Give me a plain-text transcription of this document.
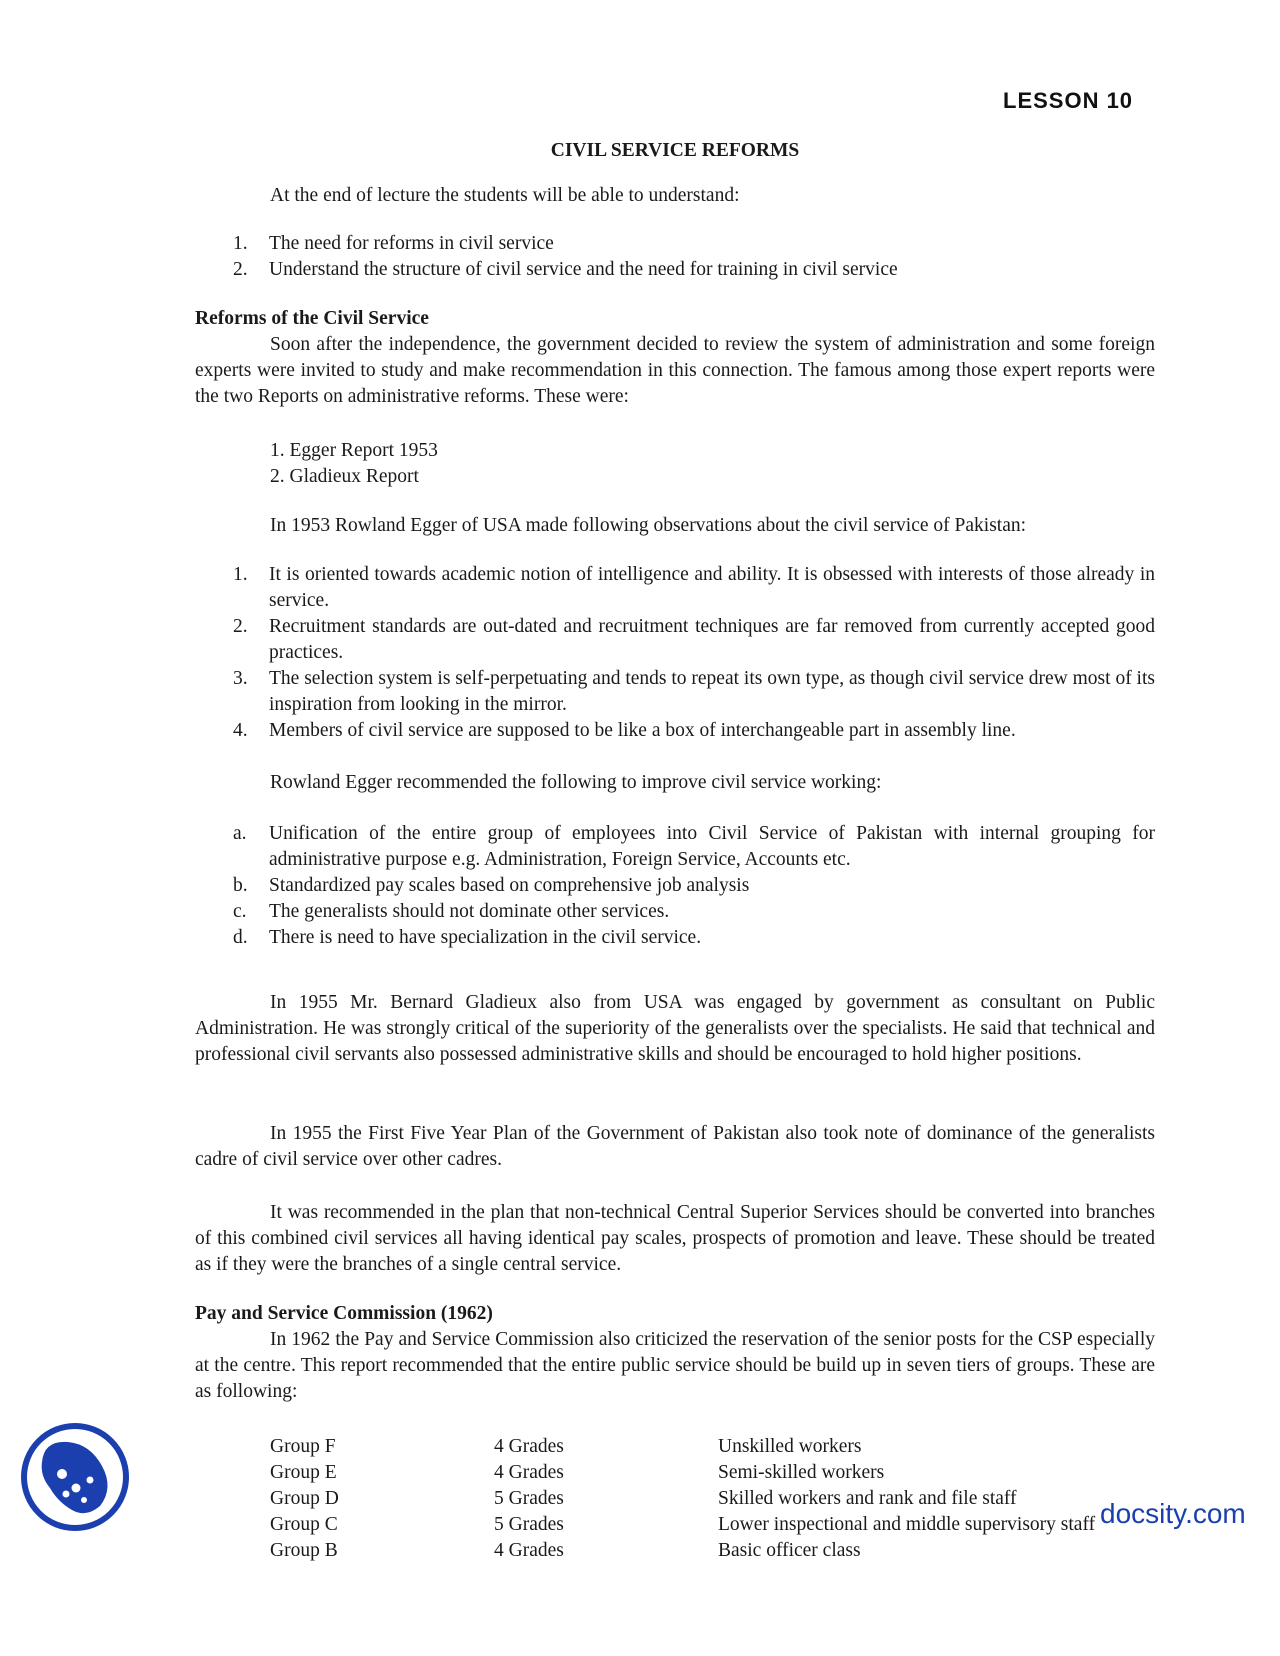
LESSON 10
CIVIL SERVICE REFORMS
At the end of lecture the students will be able to understand:
1. The need for reforms in civil service
2. Understand the structure of civil service and the need for training in civil service
Reforms of the Civil Service
Soon after the independence, the government decided to review the system of administration and some foreign experts were invited to study and make recommendation in this connection. The famous among those expert reports were the two Reports on administrative reforms. These were:
1. Egger Report 1953
2. Gladieux Report
In 1953 Rowland Egger of USA made following observations about the civil service of Pakistan:
1. It is oriented towards academic notion of intelligence and ability. It is obsessed with interests of those already in service.
2. Recruitment standards are out-dated and recruitment techniques are far removed from currently accepted good practices.
3. The selection system is self-perpetuating and tends to repeat its own type, as though civil service drew most of its inspiration from looking in the mirror.
4. Members of civil service are supposed to be like a box of interchangeable part in assembly line.
Rowland Egger recommended the following to improve civil service working:
a. Unification of the entire group of employees into Civil Service of Pakistan with internal grouping for administrative purpose e.g. Administration, Foreign Service, Accounts etc.
b. Standardized pay scales based on comprehensive job analysis
c. The generalists should not dominate other services.
d. There is need to have specialization in the civil service.
In 1955 Mr. Bernard Gladieux also from USA was engaged by government as consultant on Public Administration. He was strongly critical of the superiority of the generalists over the specialists. He said that technical and professional civil servants also possessed administrative skills and should be encouraged to hold higher positions.
In 1955 the First Five Year Plan of the Government of Pakistan also took note of dominance of the generalists cadre of civil service over other cadres.
It was recommended in the plan that non-technical Central Superior Services should be converted into branches of this combined civil services all having identical pay scales, prospects of promotion and leave. These should be treated as if they were the branches of a single central service.
Pay and Service Commission (1962)
In 1962 the Pay and Service Commission also criticized the reservation of the senior posts for the CSP especially at the centre. This report recommended that the entire public service should be build up in seven tiers of groups. These are as following:
Group F	4 Grades	Unskilled workers
Group E	4 Grades	Semi-skilled workers
Group D	5 Grades	Skilled workers and rank and file staff
Group C	5 Grades	Lower inspectional and middle supervisory staff
Group B	4 Grades	Basic officer class
docsity.com
